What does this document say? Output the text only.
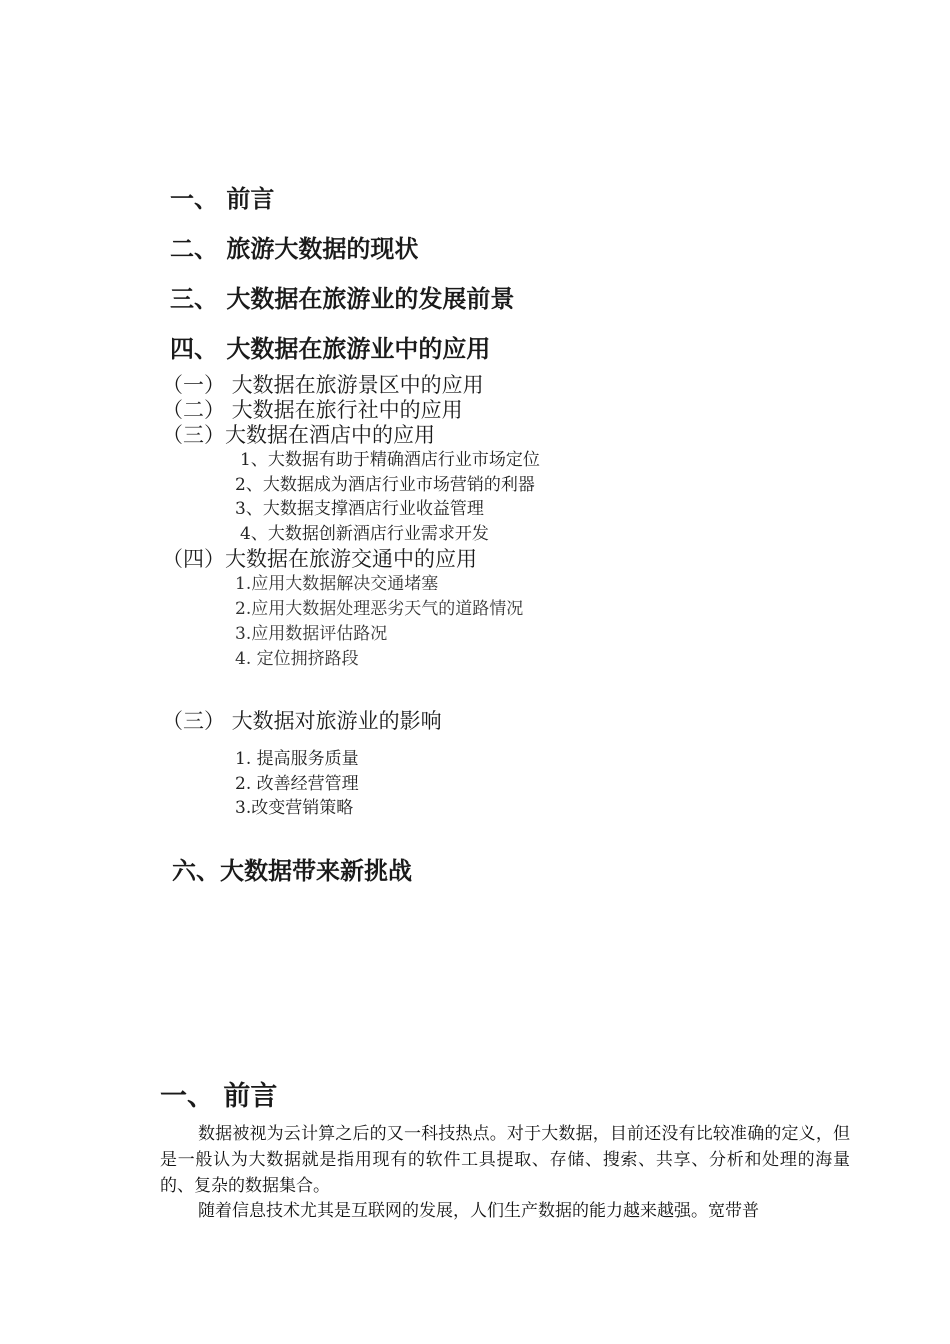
一、 前言
二、 旅游大数据的现状
三、 大数据在旅游业的发展前景
四、 大数据在旅游业中的应用
（一） 大数据在旅游景区中的应用
（二） 大数据在旅行社中的应用
（三）大数据在酒店中的应用
1、大数据有助于精确酒店行业市场定位
2、大数据成为酒店行业市场营销的利器
3、大数据支撑酒店行业收益管理
4、大数据创新酒店行业需求开发
（四）大数据在旅游交通中的应用
1.应用大数据解决交通堵塞
2.应用大数据处理恶劣天气的道路情况
3.应用数据评估路况
4. 定位拥挤路段
（三） 大数据对旅游业的影响
1. 提高服务质量
2. 改善经营管理
3.改变营销策略
六、大数据带来新挑战
一、 前言
数据被视为云计算之后的又一科技热点。对于大数据，目前还没有比较准确的定义，但是一般认为大数据就是指用现有的软件工具提取、存储、搜索、共享、分析和处理的海量的、复杂的数据集合。
随着信息技术尤其是互联网的发展，人们生产数据的能力越来越强。宽带普
